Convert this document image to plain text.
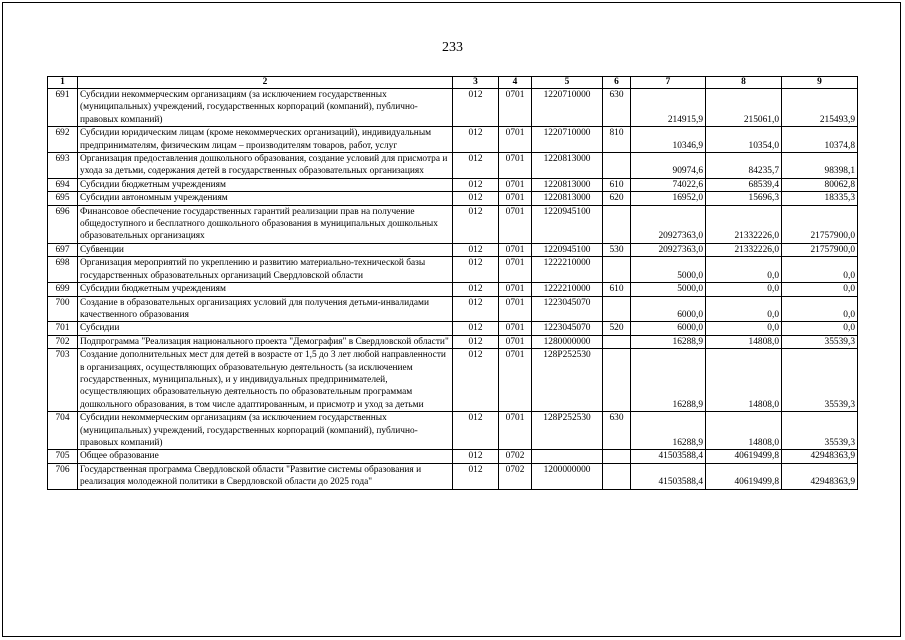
233
1	2	3	4	5	6	7	8	9
691	Субсидии некоммерческим организациям (за исключением государственных (муниципальных) учреждений, государственных корпораций (компаний), публично-правовых компаний)	012	0701	1220710000	630	214915,9	215061,0	215493,9
692	Субсидии юридическим лицам (кроме некоммерческих организаций), индивидуальным предпринимателям, физическим лицам – производителям товаров, работ, услуг	012	0701	1220710000	810	10346,9	10354,0	10374,8
693	Организация предоставления дошкольного образования, создание условий для присмотра и ухода за детьми, содержания детей в государственных образовательных организациях	012	0701	1220813000		90974,6	84235,7	98398,1
694	Субсидии бюджетным учреждениям	012	0701	1220813000	610	74022,6	68539,4	80062,8
695	Субсидии автономным учреждениям	012	0701	1220813000	620	16952,0	15696,3	18335,3
696	Финансовое обеспечение государственных гарантий реализации прав на получение общедоступного и бесплатного дошкольного образования в муниципальных дошкольных образовательных организациях	012	0701	1220945100		20927363,0	21332226,0	21757900,0
697	Субвенции	012	0701	1220945100	530	20927363,0	21332226,0	21757900,0
698	Организация мероприятий по укреплению и развитию материально-технической базы государственных образовательных организаций Свердловской области	012	0701	1222210000		5000,0	0,0	0,0
699	Субсидии бюджетным учреждениям	012	0701	1222210000	610	5000,0	0,0	0,0
700	Создание в образовательных организациях условий для получения детьми-инвалидами качественного образования	012	0701	1223045070		6000,0	0,0	0,0
701	Субсидии	012	0701	1223045070	520	6000,0	0,0	0,0
702	Подпрограмма "Реализация национального проекта "Демография" в Свердловской области"	012	0701	1280000000		16288,9	14808,0	35539,3
703	Создание дополнительных мест для детей в возрасте от 1,5 до 3 лет любой направленности в организациях, осуществляющих образовательную деятельность (за исключением государственных, муниципальных), и у индивидуальных предпринимателей, осуществляющих образовательную деятельность по образовательным программам дошкольного образования, в том числе адаптированным, и присмотр и уход за детьми	012	0701	128P252530		16288,9	14808,0	35539,3
704	Субсидии некоммерческим организациям (за исключением государственных (муниципальных) учреждений, государственных корпораций (компаний), публично-правовых компаний)	012	0701	128P252530	630	16288,9	14808,0	35539,3
705	Общее образование	012	0702			41503588,4	40619499,8	42948363,9
706	Государственная программа Свердловской области "Развитие системы образования и реализация молодежной политики в Свердловской области до 2025 года"	012	0702	1200000000		41503588,4	40619499,8	42948363,9
